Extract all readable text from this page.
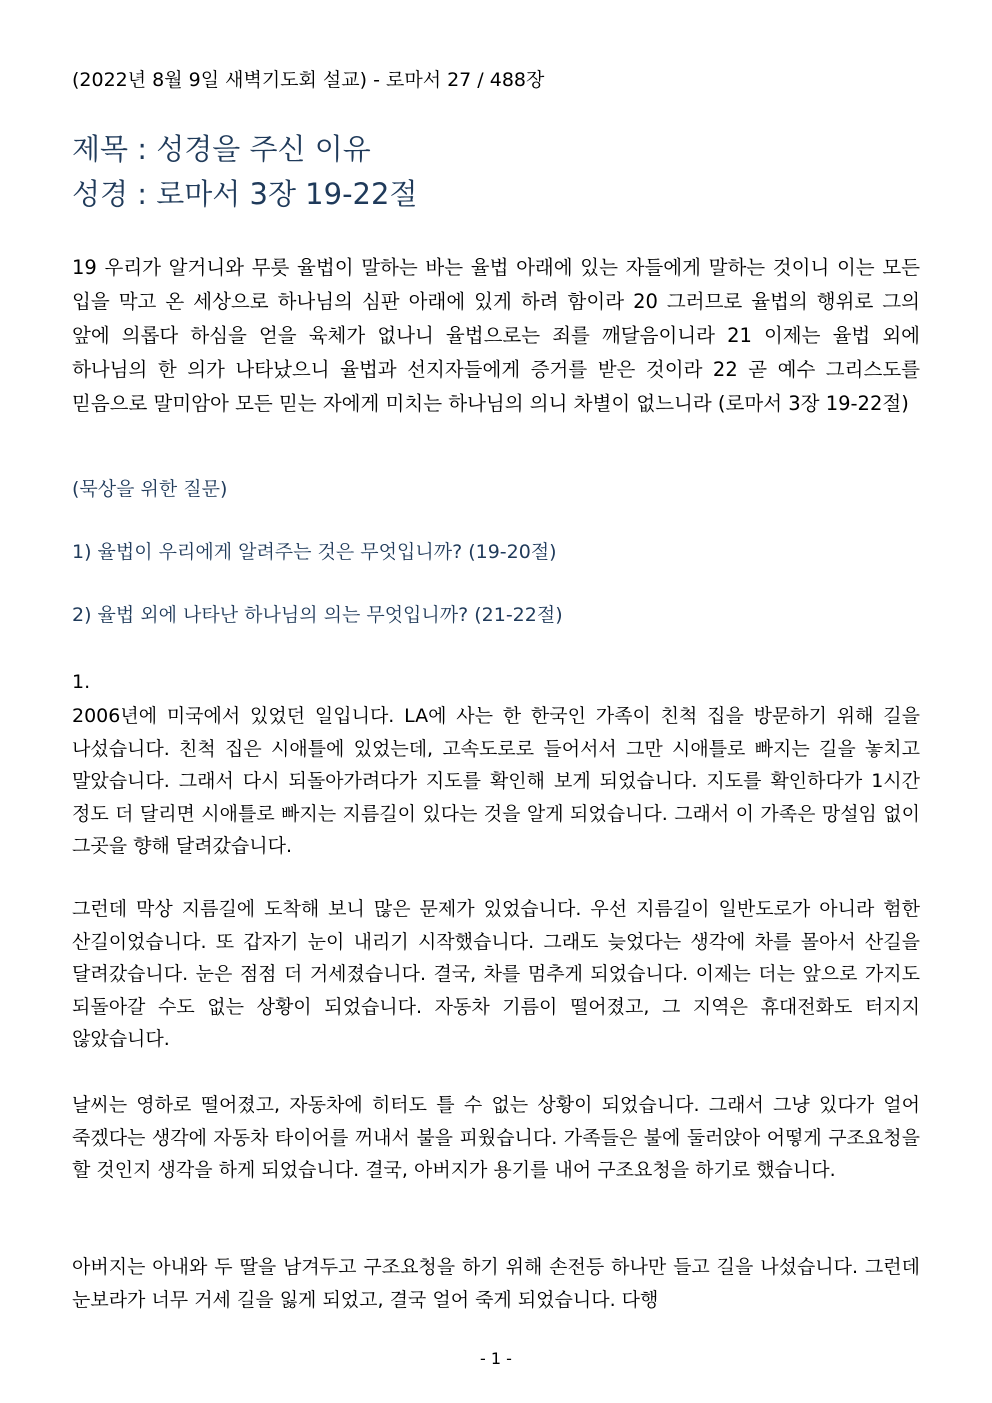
(2022년 8월 9일 새벽기도회 설교) - 로마서 27 / 488장
제목 : 성경을 주신 이유
성경 : 로마서 3장 19-22절
19 우리가 알거니와 무릇 율법이 말하는 바는 율법 아래에 있는 자들에게 말하는 것이니 이는 모든 입을 막고 온 세상으로 하나님의 심판 아래에 있게 하려 함이라 20 그러므로 율법의 행위로 그의 앞에 의롭다 하심을 얻을 육체가 없나니 율법으로는 죄를 깨달음이니라 21 이제는 율법 외에 하나님의 한 의가 나타났으니 율법과 선지자들에게 증거를 받은 것이라 22 곧 예수 그리스도를 믿음으로 말미암아 모든 믿는 자에게 미치는 하나님의 의니 차별이 없느니라 (로마서 3장 19-22절)
(묵상을 위한 질문)
1) 율법이 우리에게 알려주는 것은 무엇입니까? (19-20절)
2) 율법 외에 나타난 하나님의 의는 무엇입니까? (21-22절)
1.
2006년에 미국에서 있었던 일입니다. LA에 사는 한 한국인 가족이 친척 집을 방문하기 위해 길을 나섰습니다. 친척 집은 시애틀에 있었는데, 고속도로로 들어서서 그만 시애틀로 빠지는 길을 놓치고 말았습니다. 그래서 다시 되돌아가려다가 지도를 확인해 보게 되었습니다. 지도를 확인하다가 1시간 정도 더 달리면 시애틀로 빠지는 지름길이 있다는 것을 알게 되었습니다. 그래서 이 가족은 망설임 없이 그곳을 향해 달려갔습니다.
그런데 막상 지름길에 도착해 보니 많은 문제가 있었습니다. 우선 지름길이 일반도로가 아니라 험한 산길이었습니다. 또 갑자기 눈이 내리기 시작했습니다. 그래도 늦었다는 생각에 차를 몰아서 산길을 달려갔습니다. 눈은 점점 더 거세졌습니다. 결국, 차를 멈추게 되었습니다. 이제는 더는 앞으로 가지도 되돌아갈 수도 없는 상황이 되었습니다. 자동차 기름이 떨어졌고, 그 지역은 휴대전화도 터지지 않았습니다.
날씨는 영하로 떨어졌고, 자동차에 히터도 틀 수 없는 상황이 되었습니다. 그래서 그냥 있다가 얼어 죽겠다는 생각에 자동차 타이어를 꺼내서 불을 피웠습니다. 가족들은 불에 둘러앉아 어떻게 구조요청을 할 것인지 생각을 하게 되었습니다. 결국, 아버지가 용기를 내어 구조요청을 하기로 했습니다.
아버지는 아내와 두 딸을 남겨두고 구조요청을 하기 위해 손전등 하나만 들고 길을 나섰습니다. 그런데 눈보라가 너무 거세 길을 잃게 되었고, 결국 얼어 죽게 되었습니다. 다행
- 1 -
